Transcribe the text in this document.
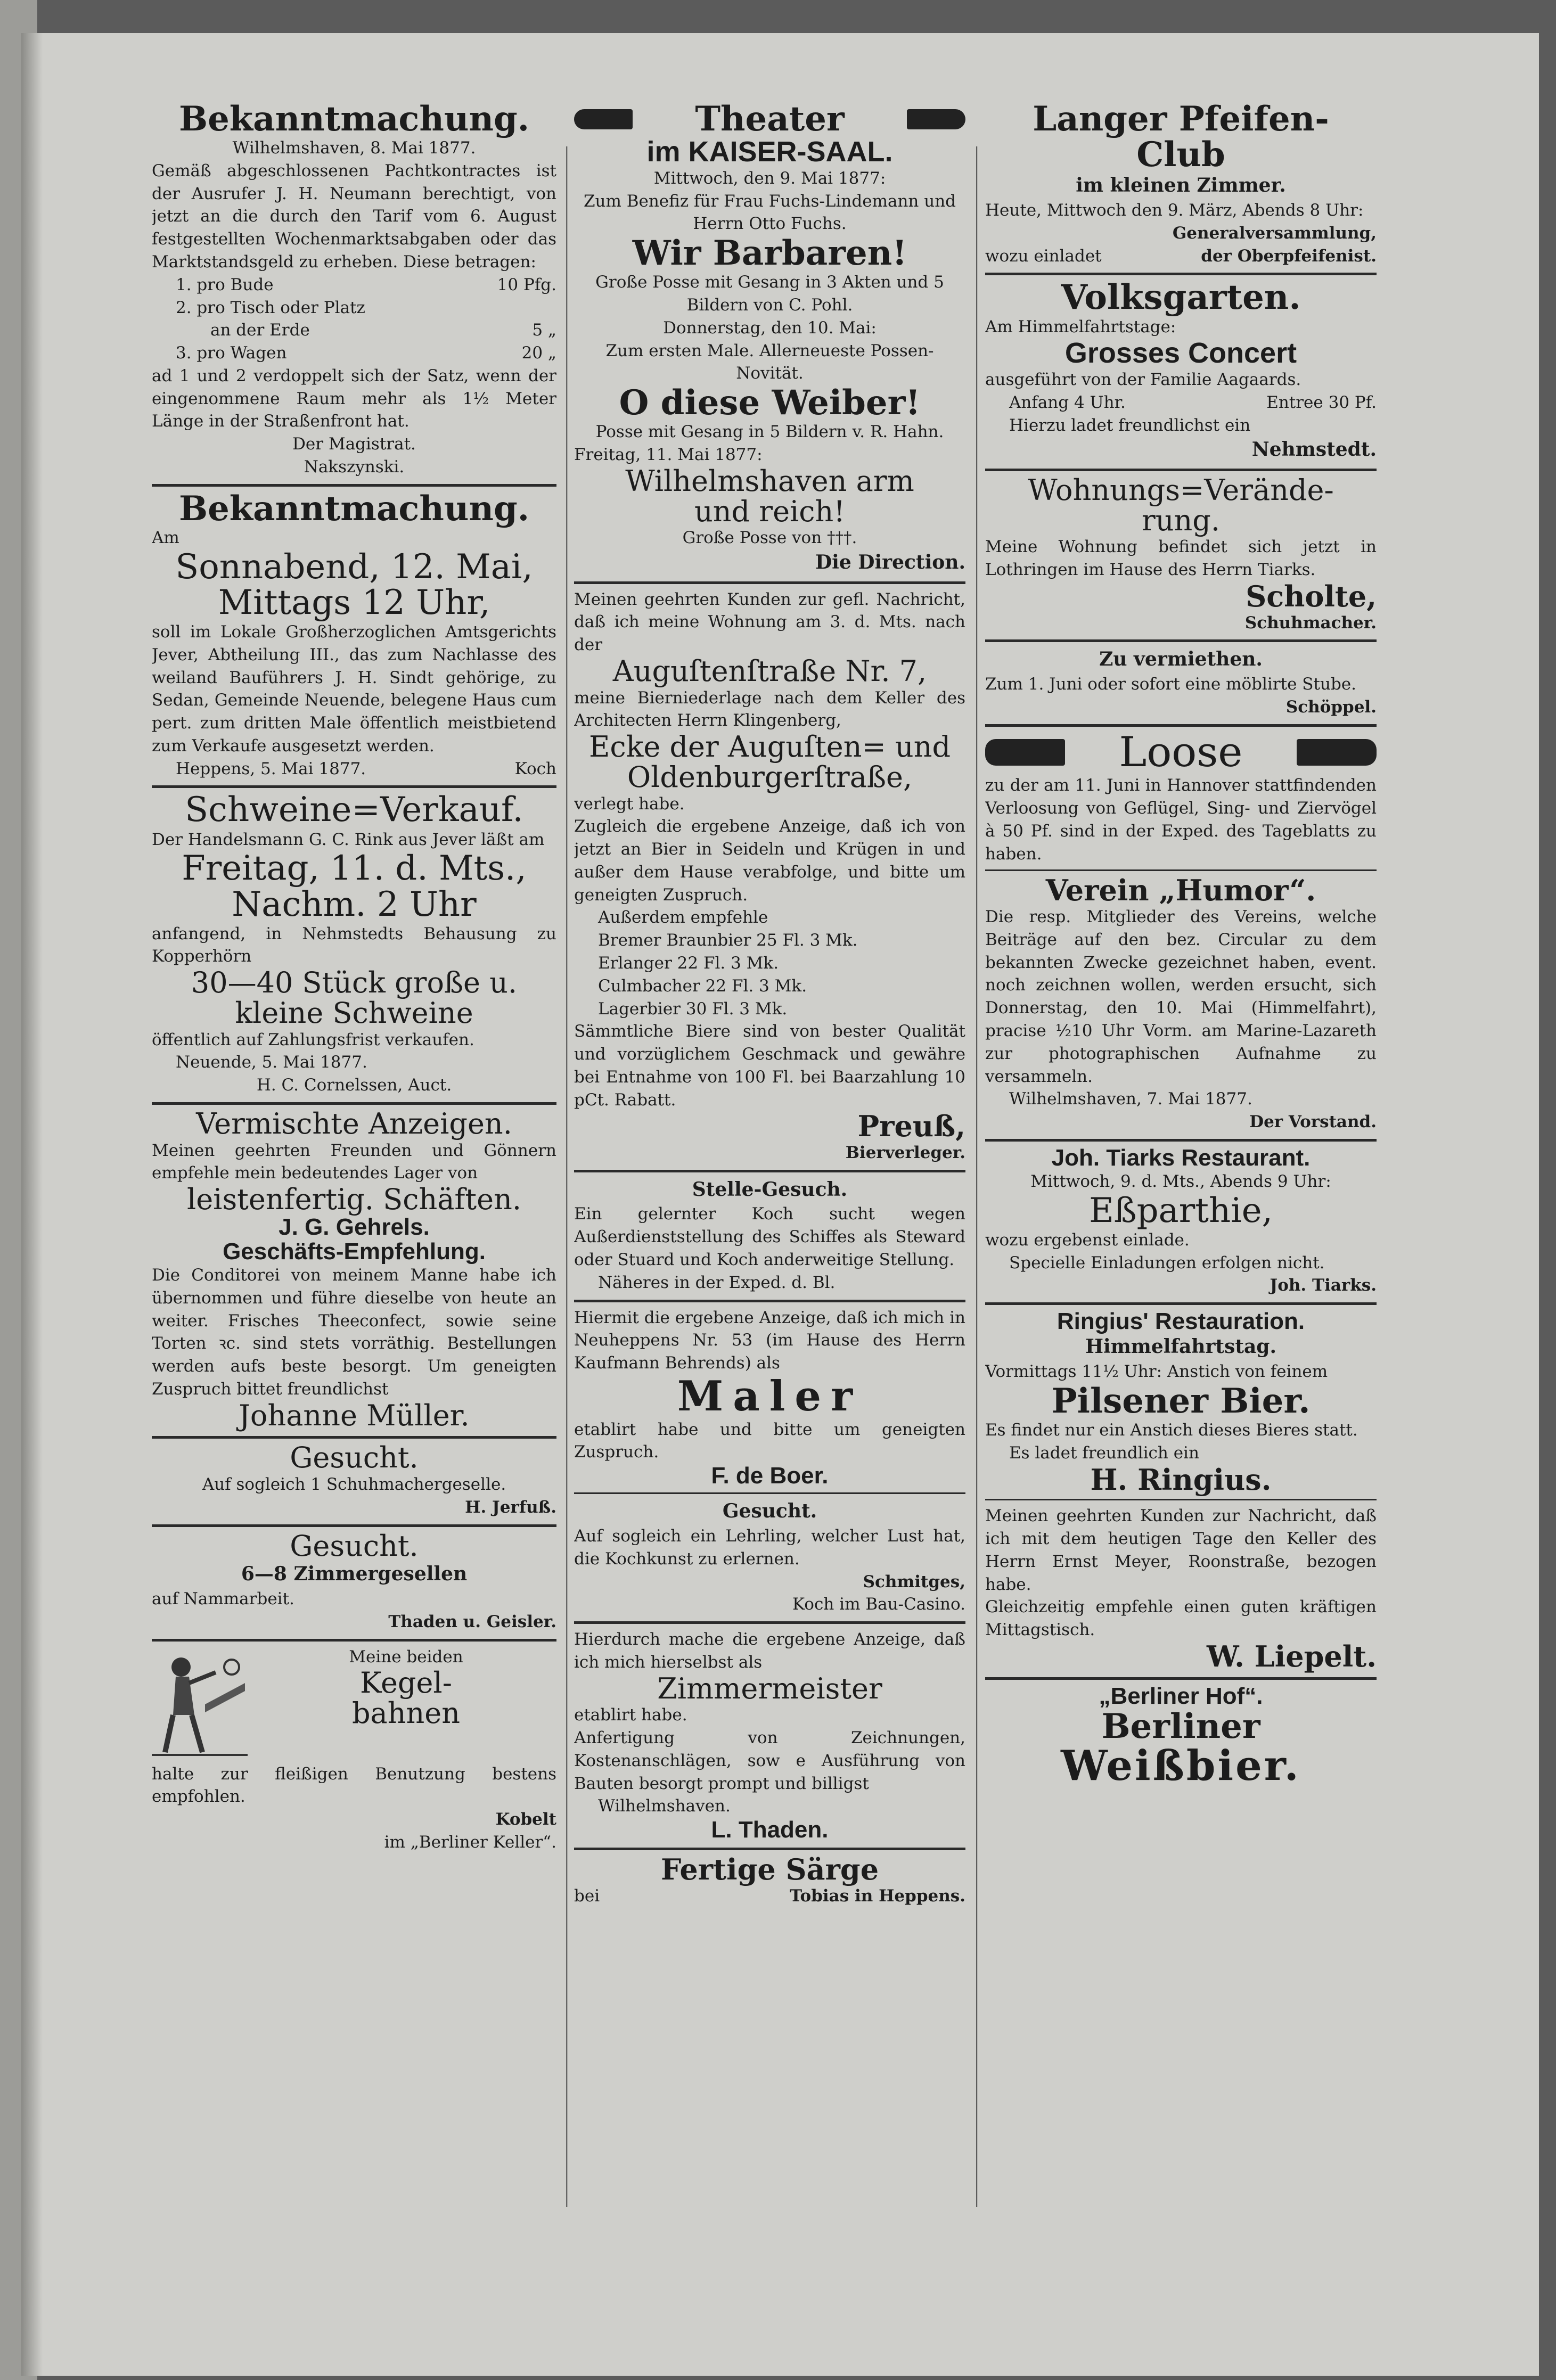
Bekanntmachung.

Wilhelmshaven, 8. Mai 1877.

Gemäß abgeschlossenen Pachtkontractes ist der Ausrufer J. H. Neumann berechtigt, von jetzt an die durch den Tarif vom 6. August festgestellten Wochenmarktsabgaben oder das Marktstandsgeld zu erheben. Diese betragen:

1. pro Bude	10 Pfg.
2. pro Tisch oder Platz
an der Erde	5 „
3. pro Wagen	20 „

ad 1 und 2 verdoppelt sich der Satz, wenn der eingenommene Raum mehr als 1½ Meter Länge in der Straßenfront hat.

Der Magistrat.

Nakszynski.

Bekanntmachung.

Am

Sonnabend, 12. Mai,

Mittags 12 Uhr,

soll im Lokale Großherzoglichen Amtsgerichts Jever, Abtheilung III., das zum Nachlasse des weiland Bauführers J. H. Sindt gehörige, zu Sedan, Gemeinde Neuende, belegene Haus cum pert. zum dritten Male öffentlich meistbietend zum Verkaufe ausgesetzt werden.

Heppens, 5. Mai 1877.	Koch

Schweine=Verkauf.

Der Handelsmann G. C. Rink aus Jever läßt am

Freitag, 11. d. Mts.,

Nachm. 2 Uhr

anfangend, in Nehmstedts Behausung zu Kopperhörn

30—40 Stück große u.

kleine Schweine

öffentlich auf Zahlungsfrist verkaufen.

Neuende, 5. Mai 1877.

H. C. Cornelssen, Auct.

Vermischte Anzeigen.

Meinen geehrten Freunden und Gönnern empfehle mein bedeutendes Lager von

leistenfertig. Schäften.

J. G. Gehrels.

Geschäfts-Empfehlung.

Die Conditorei von meinem Manne habe ich übernommen und führe dieselbe von heute an weiter. Frisches Theeconfect, sowie seine Torten ꝛc. sind stets vorräthig. Bestellungen werden aufs beste besorgt. Um geneigten Zuspruch bittet freundlichst

Johanne Müller.

Gesucht.

Auf sogleich 1 Schuhmachergeselle.

H. Jerfuß.

Gesucht.

6—8 Zimmergesellen

auf Nammarbeit.

Thaden u. Geisler.

Meine beiden

Kegel-

bahnen

halte zur fleißigen Benutzung bestens empfohlen.

Kobelt

im „Berliner Keller“.

Theater

im KAISER-SAAL.

Mittwoch, den 9. Mai 1877:

Zum Benefiz für Frau Fuchs-Lindemann und Herrn Otto Fuchs.

Wir Barbaren!

Große Posse mit Gesang in 3 Akten und 5 Bildern von C. Pohl.

Donnerstag, den 10. Mai:

Zum ersten Male. Allerneueste Possen-Novität.

O diese Weiber!

Posse mit Gesang in 5 Bildern v. R. Hahn.

Freitag, 11. Mai 1877:

Wilhelmshaven arm

und reich!

Große Posse von †††.

Die Direction.

Meinen geehrten Kunden zur gefl. Nachricht, daß ich meine Wohnung am 3. d. Mts. nach der

Auguſtenſtraße Nr. 7,

meine Bierniederlage nach dem Keller des Architecten Herrn Klingenberg,

Ecke der Auguſten= und

Oldenburgerſtraße,

verlegt habe.

Zugleich die ergebene Anzeige, daß ich von jetzt an Bier in Seideln und Krügen in und außer dem Hause verabfolge, und bitte um geneigten Zuspruch.

Außerdem empfehle

Bremer Braunbier 25 Fl. 3 Mk.

Erlanger 22 Fl. 3 Mk.

Culmbacher 22 Fl. 3 Mk.

Lagerbier 30 Fl. 3 Mk.

Sämmtliche Biere sind von bester Qualität und vorzüglichem Geschmack und gewähre bei Entnahme von 100 Fl. bei Baarzahlung 10 pCt. Rabatt.

Preuß,

Bierverleger.

Stelle-Gesuch.

Ein gelernter Koch sucht wegen Außerdienststellung des Schiffes als Steward oder Stuard und Koch anderweitige Stellung.

Näheres in der Exped. d. Bl.

Hiermit die ergebene Anzeige, daß ich mich in Neuheppens Nr. 53 (im Hause des Herrn Kaufmann Behrends) als

Maler

etablirt habe und bitte um geneigten Zuspruch.

F. de Boer.

Gesucht.

Auf sogleich ein Lehrling, welcher Lust hat, die Kochkunst zu erlernen.

Schmitges,

Koch im Bau-Casino.

Hierdurch mache die ergebene Anzeige, daß ich mich hierselbst als

Zimmermeister

etablirt habe.

Anfertigung von Zeichnungen, Kostenanschlägen, sow e Ausführung von Bauten besorgt prompt und billigst

Wilhelmshaven.

L. Thaden.

Fertige Särge

bei	Tobias in Heppens.

Langer Pfeifen-

Club

im kleinen Zimmer.

Heute, Mittwoch den 9. März, Abends 8 Uhr:

Generalversammlung,

wozu einladet	der Oberpfeifenist.

Volksgarten.

Am Himmelfahrtstage:

Grosses Concert

ausgeführt von der Familie Aagaards.

Anfang 4 Uhr.	Entree 30 Pf.

Hierzu ladet freundlichst ein

Nehmstedt.

Wohnungs=Verände-

rung.

Meine Wohnung befindet sich jetzt in Lothringen im Hause des Herrn Tiarks.

Scholte,

Schuhmacher.

Zu vermiethen.

Zum 1. Juni oder sofort eine möblirte Stube.

Schöppel.

Loose

zu der am 11. Juni in Hannover stattfindenden Verloosung von Geflügel, Sing- und Ziervögel à 50 Pf. sind in der Exped. des Tageblatts zu haben.

Verein „Humor“.

Die resp. Mitglieder des Vereins, welche Beiträge auf den bez. Circular zu dem bekannten Zwecke gezeichnet haben, event. noch zeichnen wollen, werden ersucht, sich Donnerstag, den 10. Mai (Himmelfahrt), pracise ½10 Uhr Vorm. am Marine-Lazareth zur photographischen Aufnahme zu versammeln.

Wilhelmshaven, 7. Mai 1877.

Der Vorstand.

Joh. Tiarks Restaurant.

Mittwoch, 9. d. Mts., Abends 9 Uhr:

Eßparthie,

wozu ergebenst einlade.

Specielle Einladungen erfolgen nicht.

Joh. Tiarks.

Ringius' Restauration.

Himmelfahrtstag.

Vormittags 11½ Uhr: Anstich von feinem

Pilsener Bier.

Es findet nur ein Anstich dieses Bieres statt.

Es ladet freundlich ein

H. Ringius.

Meinen geehrten Kunden zur Nachricht, daß ich mit dem heutigen Tage den Keller des Herrn Ernst Meyer, Roonstraße, bezogen habe.

Gleichzeitig empfehle einen guten kräftigen Mittagstisch.

W. Liepelt.

„Berliner Hof“.

Berliner

Weißbier.
